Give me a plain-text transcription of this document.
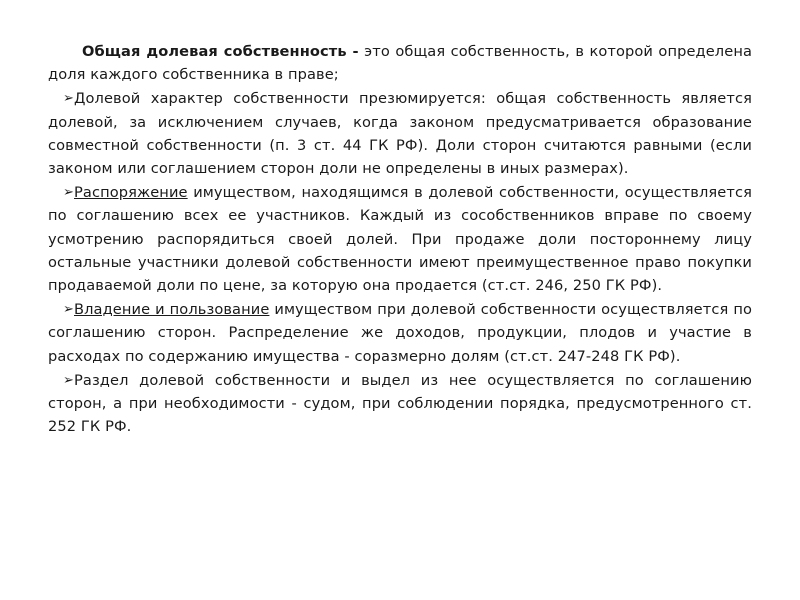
Общая долевая собственность - это общая собственность, в которой определена доля каждого собственника в праве;

➢Долевой характер собственности презюмируется: общая собственность является долевой, за исключением случаев, когда законом предусматривается образование совместной собственности (п. 3 ст. 44 ГК РФ). Доли сторон считаются равными (если законом или соглашением сторон доли не определены в иных размерах).

➢Распоряжение имуществом, находящимся в долевой собственности, осуществляется по соглашению всех ее участников. Каждый из сособственников вправе по своему усмотрению распорядиться своей долей. При продаже доли постороннему лицу остальные участники долевой собственности имеют преимущественное право покупки продаваемой доли по цене, за которую она продается (ст.ст. 246, 250 ГК РФ).

➢Владение и пользование имуществом при долевой собственности осуществляется по соглашению сторон. Распределение же доходов, продукции, плодов и участие в расходах по содержанию имущества - соразмерно долям (ст.ст. 247-248 ГК РФ).

➢Раздел долевой собственности и выдел из нее осуществляется по соглашению сторон, а при необходимости - судом, при соблюдении порядка, предусмотренного ст. 252 ГК РФ.
